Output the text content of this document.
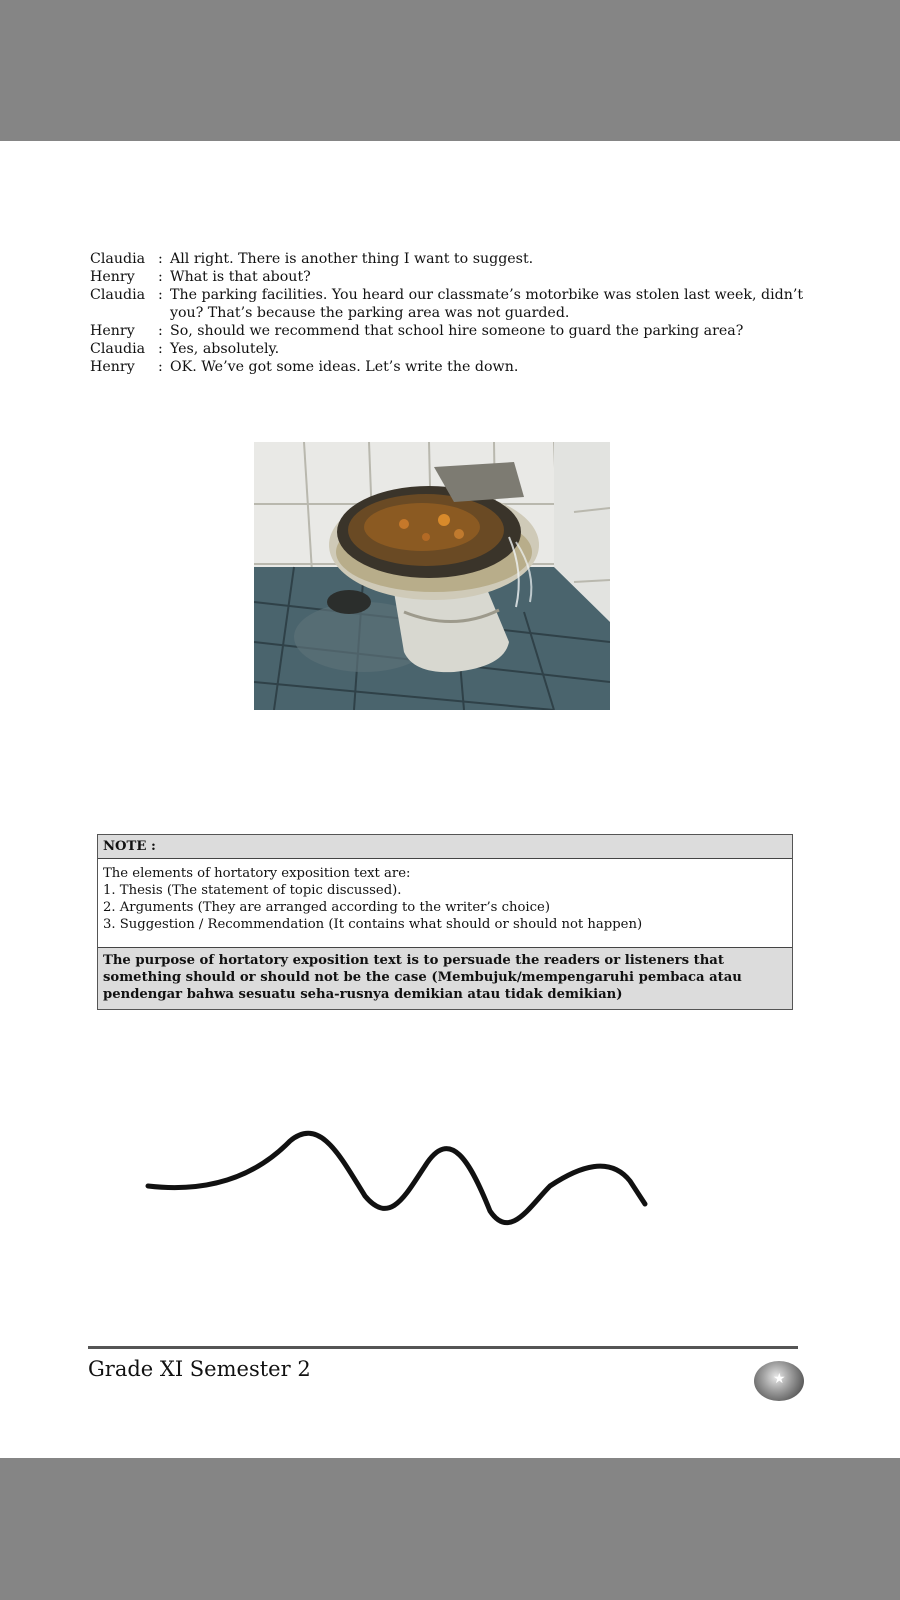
Claudia : All right. There is another thing I want to suggest.
Henry	: What is that about?
Claudia : The parking facilities. You heard our classmate’s motorbike was stolen last week, didn’t you? That’s because the parking area was not guarded.
Henry	: So, should we recommend that school hire someone to guard the parking area?
Claudia : Yes, absolutely.
Henry	: OK. We’ve got some ideas. Let’s write the down.
NOTE :
The elements of hortatory exposition text are:
1. Thesis (The statement of topic discussed).
2. Arguments (They are arranged according to the writer’s choice)
3. Suggestion / Recommendation (It contains what should or should not happen)
The purpose of hortatory exposition text is to persuade the readers or listeners that something should or should not be the case (Membujuk/mempengaruhi pembaca atau pendengar bahwa sesuatu seha-rusnya demikian atau tidak demikian)
Grade XI Semester 2	★
